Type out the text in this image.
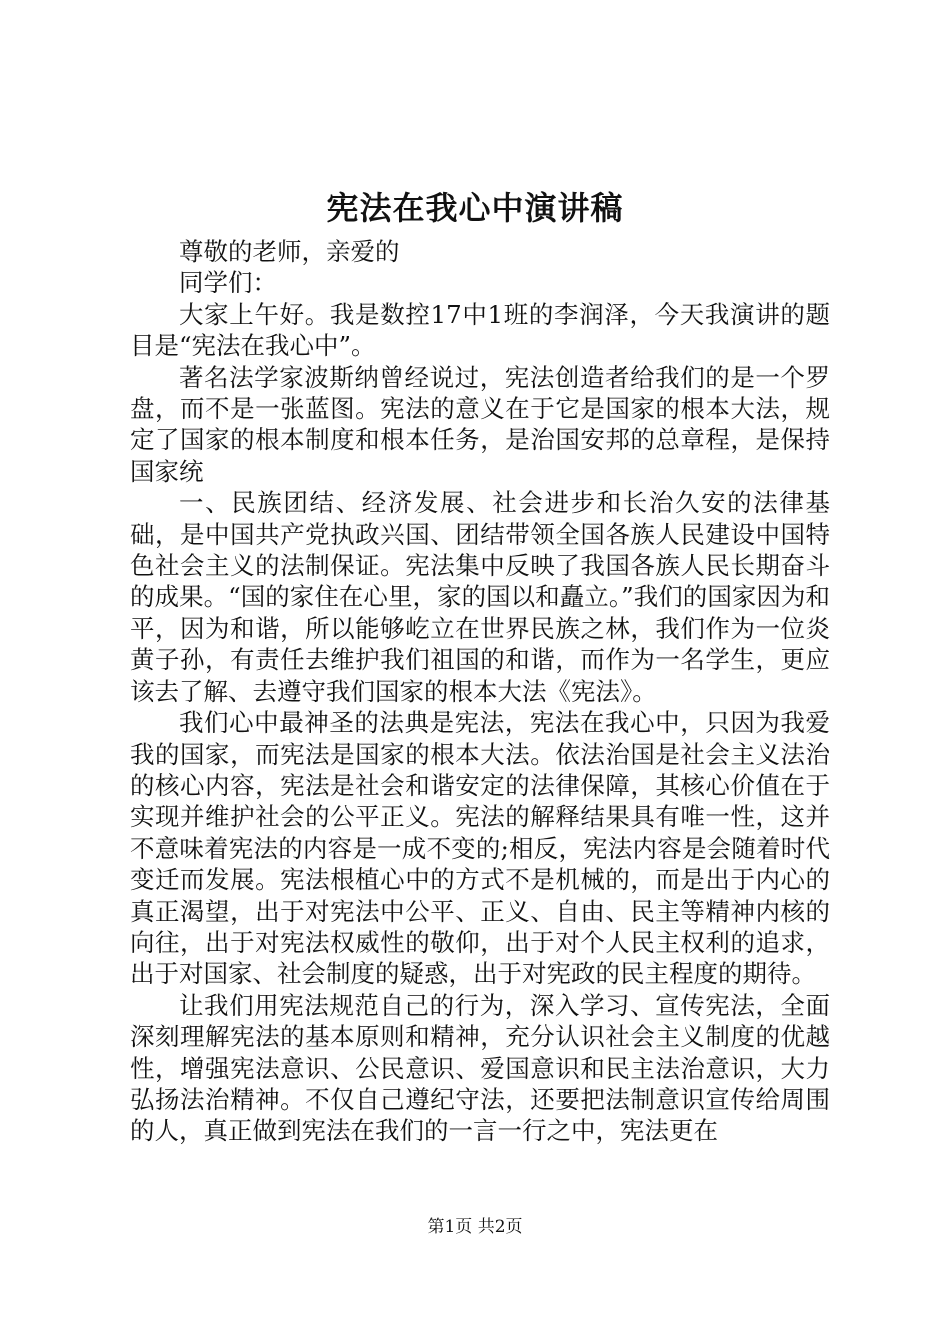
宪法在我心中演讲稿

尊敬的老师，亲爱的

同学们：

大家上午好。我是数控17中1班的李润泽，今天我演讲的题目是“宪法在我心中”。

著名法学家波斯纳曾经说过，宪法创造者给我们的是一个罗盘，而不是一张蓝图。宪法的意义在于它是国家的根本大法，规定了国家的根本制度和根本任务，是治国安邦的总章程，是保持国家统

一、民族团结、经济发展、社会进步和长治久安的法律基础，是中国共产党执政兴国、团结带领全国各族人民建设中国特色社会主义的法制保证。宪法集中反映了我国各族人民长期奋斗的成果。“国的家住在心里，家的国以和矗立。”我们的国家因为和平，因为和谐，所以能够屹立在世界民族之林，我们作为一位炎黄子孙，有责任去维护我们祖国的和谐，而作为一名学生，更应该去了解、去遵守我们国家的根本大法《宪法》。

我们心中最神圣的法典是宪法，宪法在我心中，只因为我爱我的国家，而宪法是国家的根本大法。依法治国是社会主义法治的核心内容，宪法是社会和谐安定的法律保障，其核心价值在于实现并维护社会的公平正义。宪法的解释结果具有唯一性，这并不意味着宪法的内容是一成不变的;相反，宪法内容是会随着时代变迁而发展。宪法根植心中的方式不是机械的，而是出于内心的真正渴望，出于对宪法中公平、正义、自由、民主等精神内核的向往，出于对宪法权威性的敬仰，出于对个人民主权利的追求，出于对国家、社会制度的疑惑，出于对宪政的民主程度的期待。

让我们用宪法规范自己的行为，深入学习、宣传宪法，全面深刻理解宪法的基本原则和精神，充分认识社会主义制度的优越性，增强宪法意识、公民意识、爱国意识和民主法治意识，大力弘扬法治精神。不仅自己遵纪守法，还要把法制意识宣传给周围的人，真正做到宪法在我们的一言一行之中，宪法更在

第1页 共2页
